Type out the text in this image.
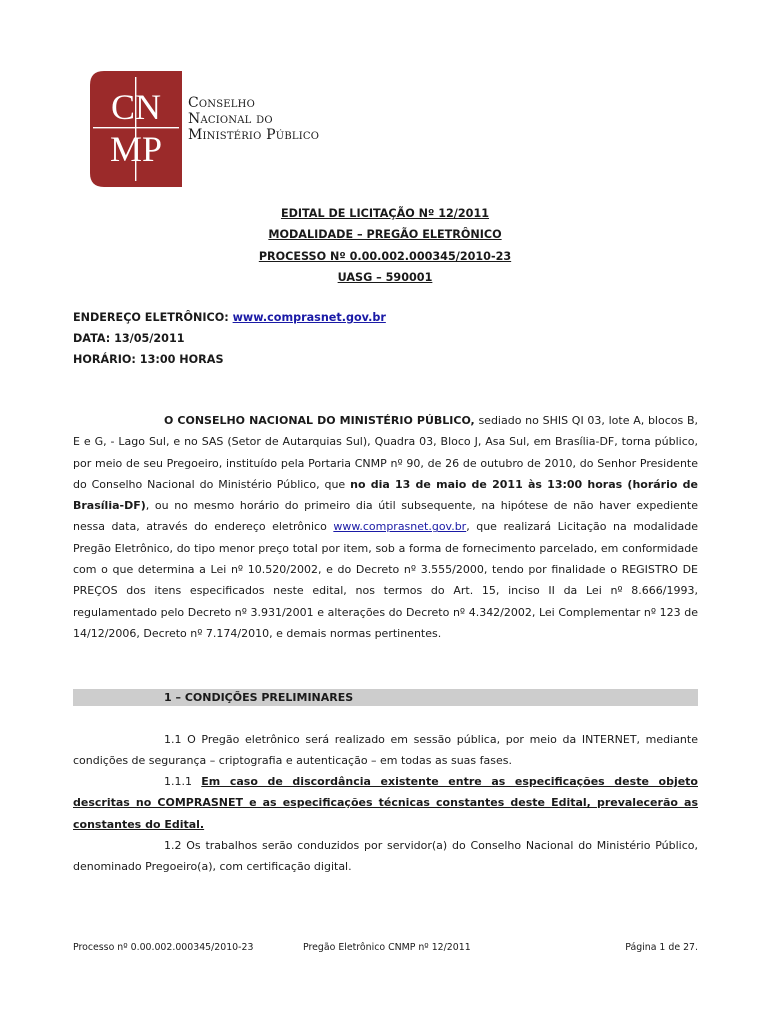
CN
MP
Conselho
Nacional do
Ministério Público
EDITAL DE LICITAÇÃO Nº 12/2011
MODALIDADE – PREGÃO ELETRÔNICO
PROCESSO Nº 0.00.002.000345/2010-23
UASG – 590001
ENDEREÇO ELETRÔNICO: www.comprasnet.gov.br
DATA: 13/05/2011
HORÁRIO: 13:00 HORAS
O CONSELHO NACIONAL DO MINISTÉRIO PÚBLICO, sediado no SHIS QI 03, lote A, blocos B, E e G, - Lago Sul, e no SAS (Setor de Autarquias Sul), Quadra 03, Bloco J, Asa Sul, em Brasília-DF, torna público, por meio de seu Pregoeiro, instituído pela Portaria CNMP nº 90, de 26 de outubro de 2010, do Senhor Presidente do Conselho Nacional do Ministério Público, que no dia 13 de maio de 2011 às 13:00 horas (horário de Brasília-DF), ou no mesmo horário do primeiro dia útil subsequente, na hipótese de não haver expediente nessa data, através do endereço eletrônico www.comprasnet.gov.br, que realizará Licitação na modalidade Pregão Eletrônico, do tipo menor preço total por item, sob a forma de fornecimento parcelado, em conformidade com o que determina a Lei nº 10.520/2002, e do Decreto nº 3.555/2000, tendo por finalidade o REGISTRO DE PREÇOS dos itens especificados neste edital, nos termos do Art. 15, inciso II da Lei nº 8.666/1993, regulamentado pelo Decreto nº 3.931/2001 e alterações do Decreto nº 4.342/2002, Lei Complementar nº 123 de 14/12/2006, Decreto nº 7.174/2010, e demais normas pertinentes.
1 – CONDIÇÕES PRELIMINARES
1.1 O Pregão eletrônico será realizado em sessão pública, por meio da INTERNET, mediante condições de segurança – criptografia e autenticação – em todas as suas fases.
1.1.1 Em caso de discordância existente entre as especificações deste objeto descritas no COMPRASNET e as especificações técnicas constantes deste Edital, prevalecerão as constantes do Edital.
1.2 Os trabalhos serão conduzidos por servidor(a) do Conselho Nacional do Ministério Público, denominado Pregoeiro(a), com certificação digital.
Processo nº 0.00.002.000345/2010-23	Pregão Eletrônico CNMP nº 12/2011	Página 1 de 27.
